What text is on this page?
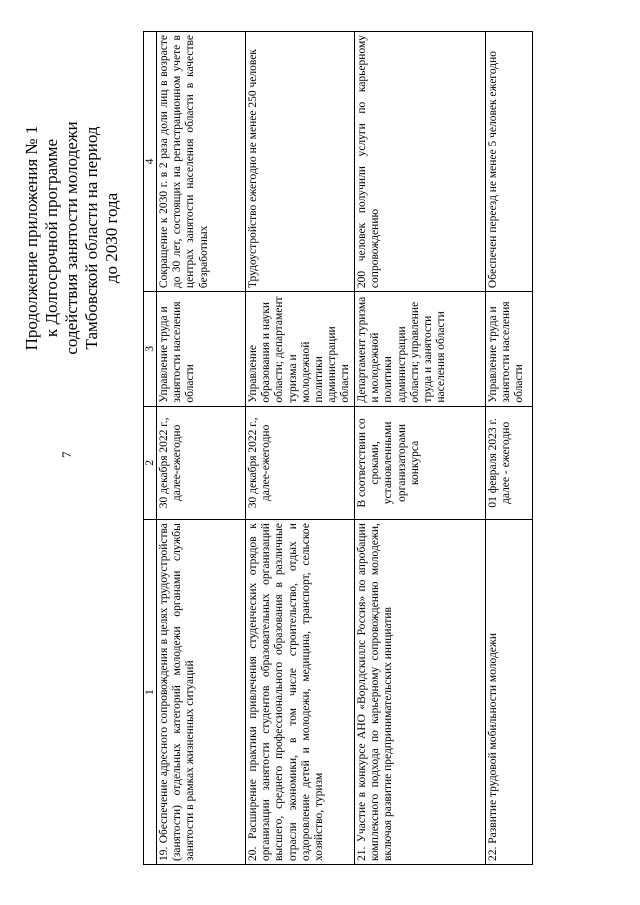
7
Продолжение приложения № 1 к Долгосрочной программе содействия занятости молодежи Тамбовской области на период до 2030 года
1	2	3	4
19. Обеспечение адресного сопровождения в целях трудоустройства (занятости) отдельных категорий молодежи органами службы занятости в рамках жизненных ситуаций	30 декабря 2022 г., далее-ежегодно	Управление труда и занятости населения области	Сокращение к 2030 г. в 2 раза доли лиц в возрасте до 30 лет, состоящих на регистрационном учете в центрах занятости населения области в качестве безработных
20. Расширение практики привлечения студенческих отрядов к организации занятости студентов образовательных организаций высшего, среднего профессионального образования в различные отрасли экономики, в том числе строительство, отдых и оздоровление детей и молодежи, медицина, транспорт, сельское хозяйство, туризм	30 декабря 2022 г., далее-ежегодно	Управление образования и науки области; департамент туризма и молодежной политики администрации области	Трудоустройство ежегодно не менее 250 человек
21. Участие в конкурсе АНО «Ворлдскиллс Россия» по апробации комплексного подхода по карьерному сопровождению молодежи, включая развитие предпринимательских инициатив	В соответствии со сроками, установленными организаторами конкурса	Департамент туризма и молодежной политики администрации области; управление труда и занятости населения области	200 человек получили услуги по карьерному сопровождению
22. Развитие трудовой мобильности молодежи	01 февраля 2023 г. далее - ежегодно	Управление труда и занятости населения области	Обеспечен переезд не менее 5 человек ежегодно
